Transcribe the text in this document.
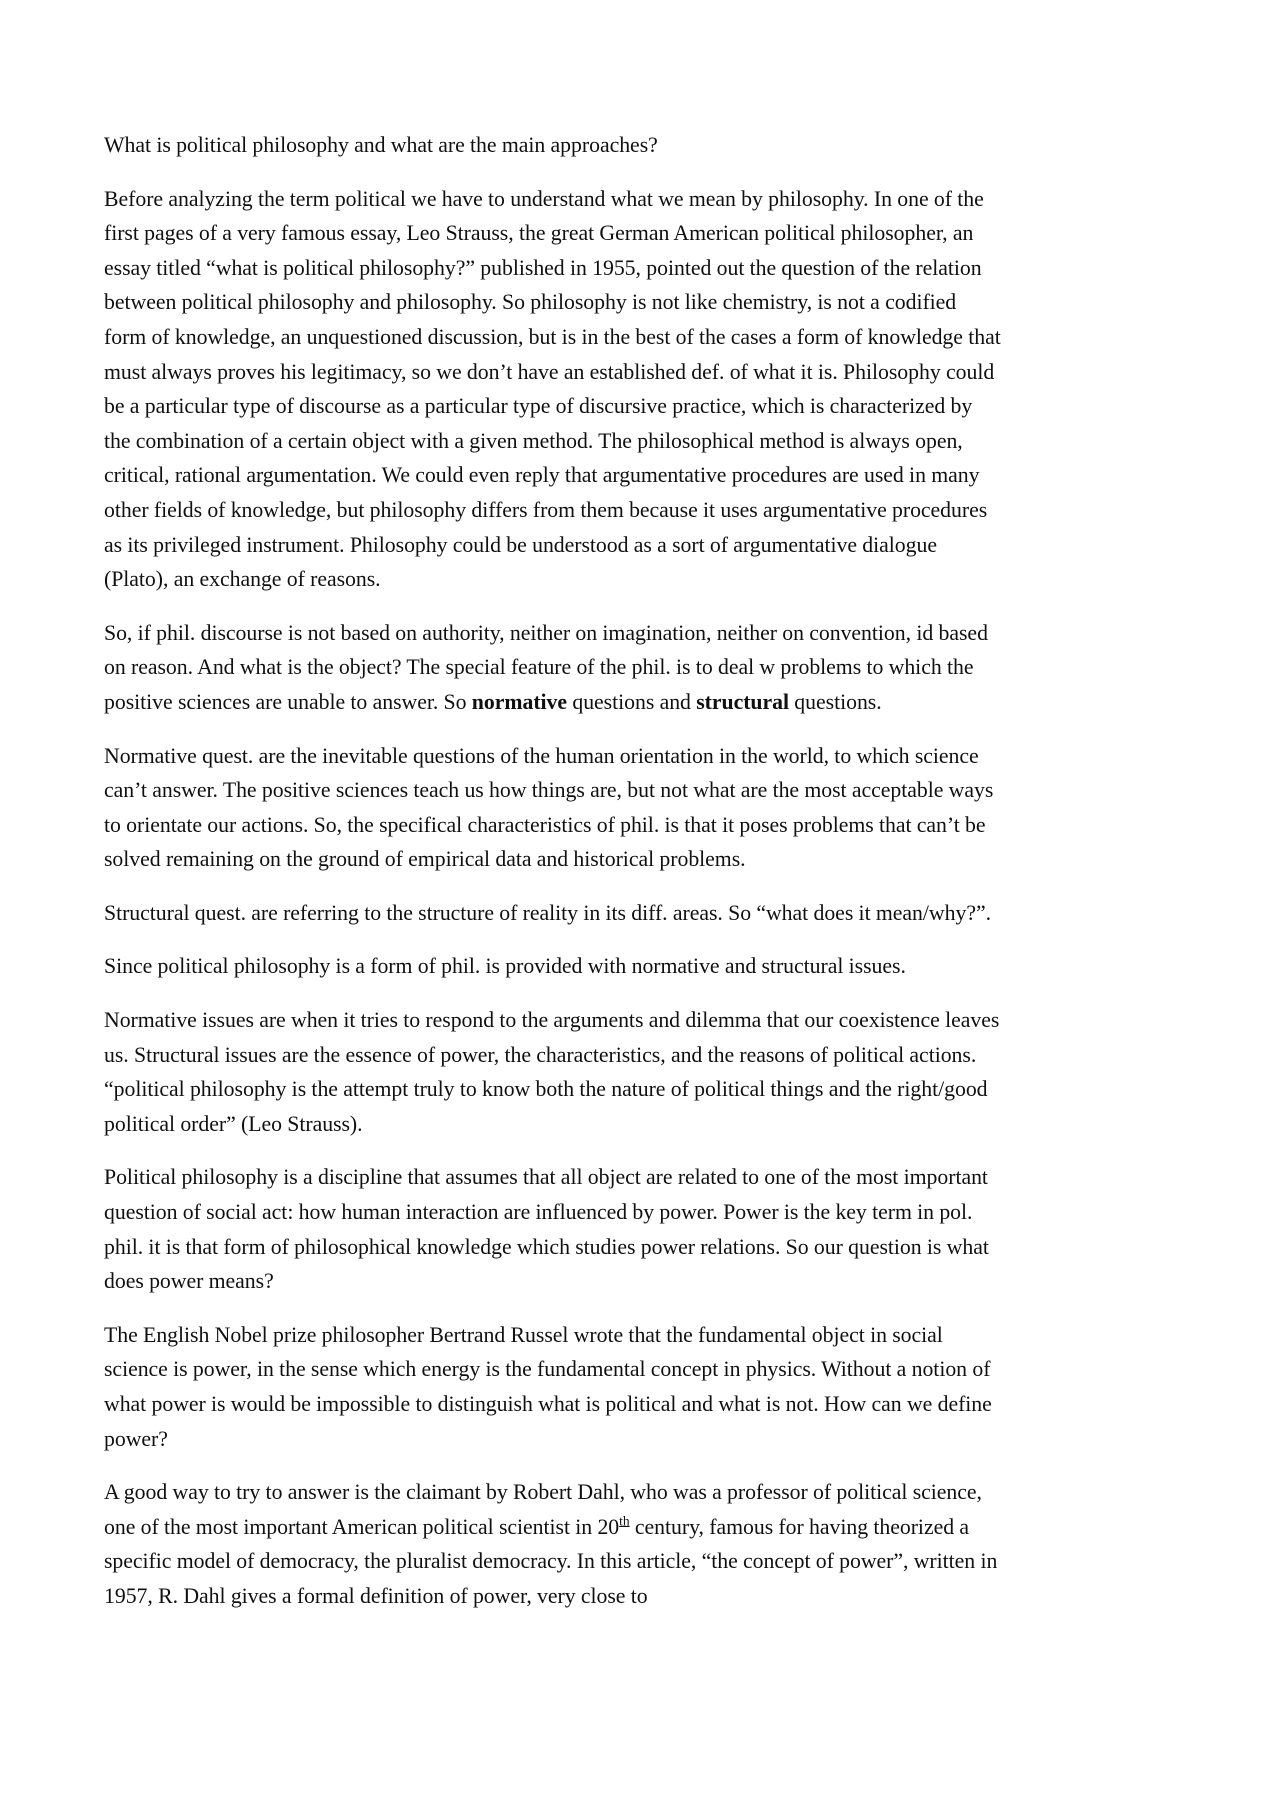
What is political philosophy and what are the main approaches?

Before analyzing the term political we have to understand what we mean by philosophy. In one of the first pages of a very famous essay, Leo Strauss, the great German American political philosopher, an essay titled “what is political philosophy?” published in 1955, pointed out the question of the relation between political philosophy and philosophy. So philosophy is not like chemistry, is not a codified form of knowledge, an unquestioned discussion, but is in the best of the cases a form of knowledge that must always proves his legitimacy, so we don’t have an established def. of what it is. Philosophy could be a particular type of discourse as a particular type of discursive practice, which is characterized by the combination of a certain object with a given method. The philosophical method is always open, critical, rational argumentation. We could even reply that argumentative procedures are used in many other fields of knowledge, but philosophy differs from them because it uses argumentative procedures as its privileged instrument. Philosophy could be understood as a sort of argumentative dialogue (Plato), an exchange of reasons.

So, if phil. discourse is not based on authority, neither on imagination, neither on convention, id based on reason. And what is the object? The special feature of the phil. is to deal w problems to which the positive sciences are unable to answer. So normative questions and structural questions.

Normative quest. are the inevitable questions of the human orientation in the world, to which science can’t answer. The positive sciences teach us how things are, but not what are the most acceptable ways to orientate our actions. So, the specifical characteristics of phil. is that it poses problems that can’t be solved remaining on the ground of empirical data and historical problems.

Structural quest. are referring to the structure of reality in its diff. areas. So “what does it mean/why?”.

Since political philosophy is a form of phil. is provided with normative and structural issues.

Normative issues are when it tries to respond to the arguments and dilemma that our coexistence leaves us. Structural issues are the essence of power, the characteristics, and the reasons of political actions. “political philosophy is the attempt truly to know both the nature of political things and the right/good political order” (Leo Strauss).

Political philosophy is a discipline that assumes that all object are related to one of the most important question of social act: how human interaction are influenced by power. Power is the key term in pol. phil. it is that form of philosophical knowledge which studies power relations. So our question is what does power means?

The English Nobel prize philosopher Bertrand Russel wrote that the fundamental object in social science is power, in the sense which energy is the fundamental concept in physics. Without a notion of what power is would be impossible to distinguish what is political and what is not. How can we define power?

A good way to try to answer is the claimant by Robert Dahl, who was a professor of political science, one of the most important American political scientist in 20th century, famous for having theorized a specific model of democracy, the pluralist democracy. In this article, “the concept of power”, written in 1957, R. Dahl gives a formal definition of power, very close to
